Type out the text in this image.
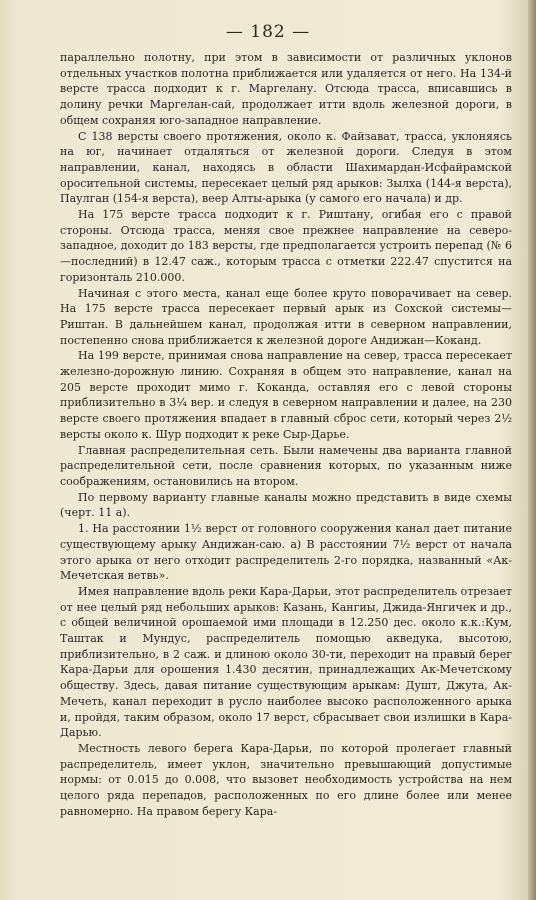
— 182 —

параллельно полотну, при этом в зависимости от различных уклонов отдельных участков полотна приближается или удаляется от него. На 134-й версте трасса подходит к г. Маргелану. Отсюда трасса, вписавшись в долину речки Маргелан-сай, продолжает итти вдоль железной дороги, в общем сохраняя юго-западное направление.

С 138 версты своего протяжения, около к. Файзават, трасса, уклоняясь на юг, начинает отдаляться от железной дороги. Следуя в этом направлении, канал, находясь в области Шахимардан-Исфайрамской оросительной системы, пересекает целый ряд арыков: Зылха (144-я верста), Паулган (154-я верста), веер Алты-арыка (у самого его начала) и др.

На 175 версте трасса подходит к г. Риштану, огибая его с правой стороны. Отсюда трасса, меняя свое прежнее направление на северо-западное, доходит до 183 версты, где предполагается устроить перепад (№ 6—последний) в 12.47 саж., которым трасса с отметки 222.47 спустится на горизонталь 210.000.

Начиная с этого места, канал еще более круто поворачивает на север. На 175 версте трасса пересекает первый арык из Сохской системы—Риштан. В дальнейшем канал, продолжая итти в северном направлении, постепенно снова приближается к железной дороге Андижан—Коканд.

На 199 версте, принимая снова направление на север, трасса пересекает железно-дорожную линию. Сохраняя в общем это направление, канал на 205 версте проходит мимо г. Коканда, оставляя его с левой стороны приблизительно в 3¼ вер. и следуя в северном направлении и далее, на 230 версте своего протяжения впадает в главный сброс сети, который через 2½ версты около к. Шур подходит к реке Сыр-Дарье.

Главная распределительная сеть. Были намечены два варианта главной распределительной сети, после сравнения которых, по указанным ниже соображениям, остановились на втором.

По первому варианту главные каналы можно представить в виде схемы (черт. 11 а).

1. На расстоянии 1½ верст от головного сооружения канал дает питание существующему арыку Андижан-саю. а) В расстоянии 7½ верст от начала этого арыка от него отходит распределитель 2-го порядка, названный «Ак-Мечетская ветвь».

Имея направление вдоль реки Кара-Дарьи, этот распределитель отрезает от нее целый ряд небольших арыков: Казань, Кангиы, Джида-Янгичек и др., с общей величиной орошаемой ими площади в 12.250 дес. около к.к.:Кум, Таштак и Мундус, распределитель помощью акведука, высотою, приблизительно, в 2 саж. и длиною около 30-ти, переходит на правый берег Кара-Дарьи для орошения 1.430 десятин, принадлежащих Ак-Мечетскому обществу. Здесь, давая питание существующим арыкам: Душт, Джута, Ак-Мечеть, канал переходит в русло наиболее высоко расположенного арыка и, пройдя, таким образом, около 17 верст, сбрасывает свои излишки в Кара-Дарью.

Местность левого берега Кара-Дарьи, по которой пролегает главный распределитель, имеет уклон, значительно превышающий допустимые нормы: от 0.015 до 0.008, что вызовет необходимость устройства на нем целого ряда перепадов, расположенных по его длине более или менее равномерно. На правом берегу Кара-
